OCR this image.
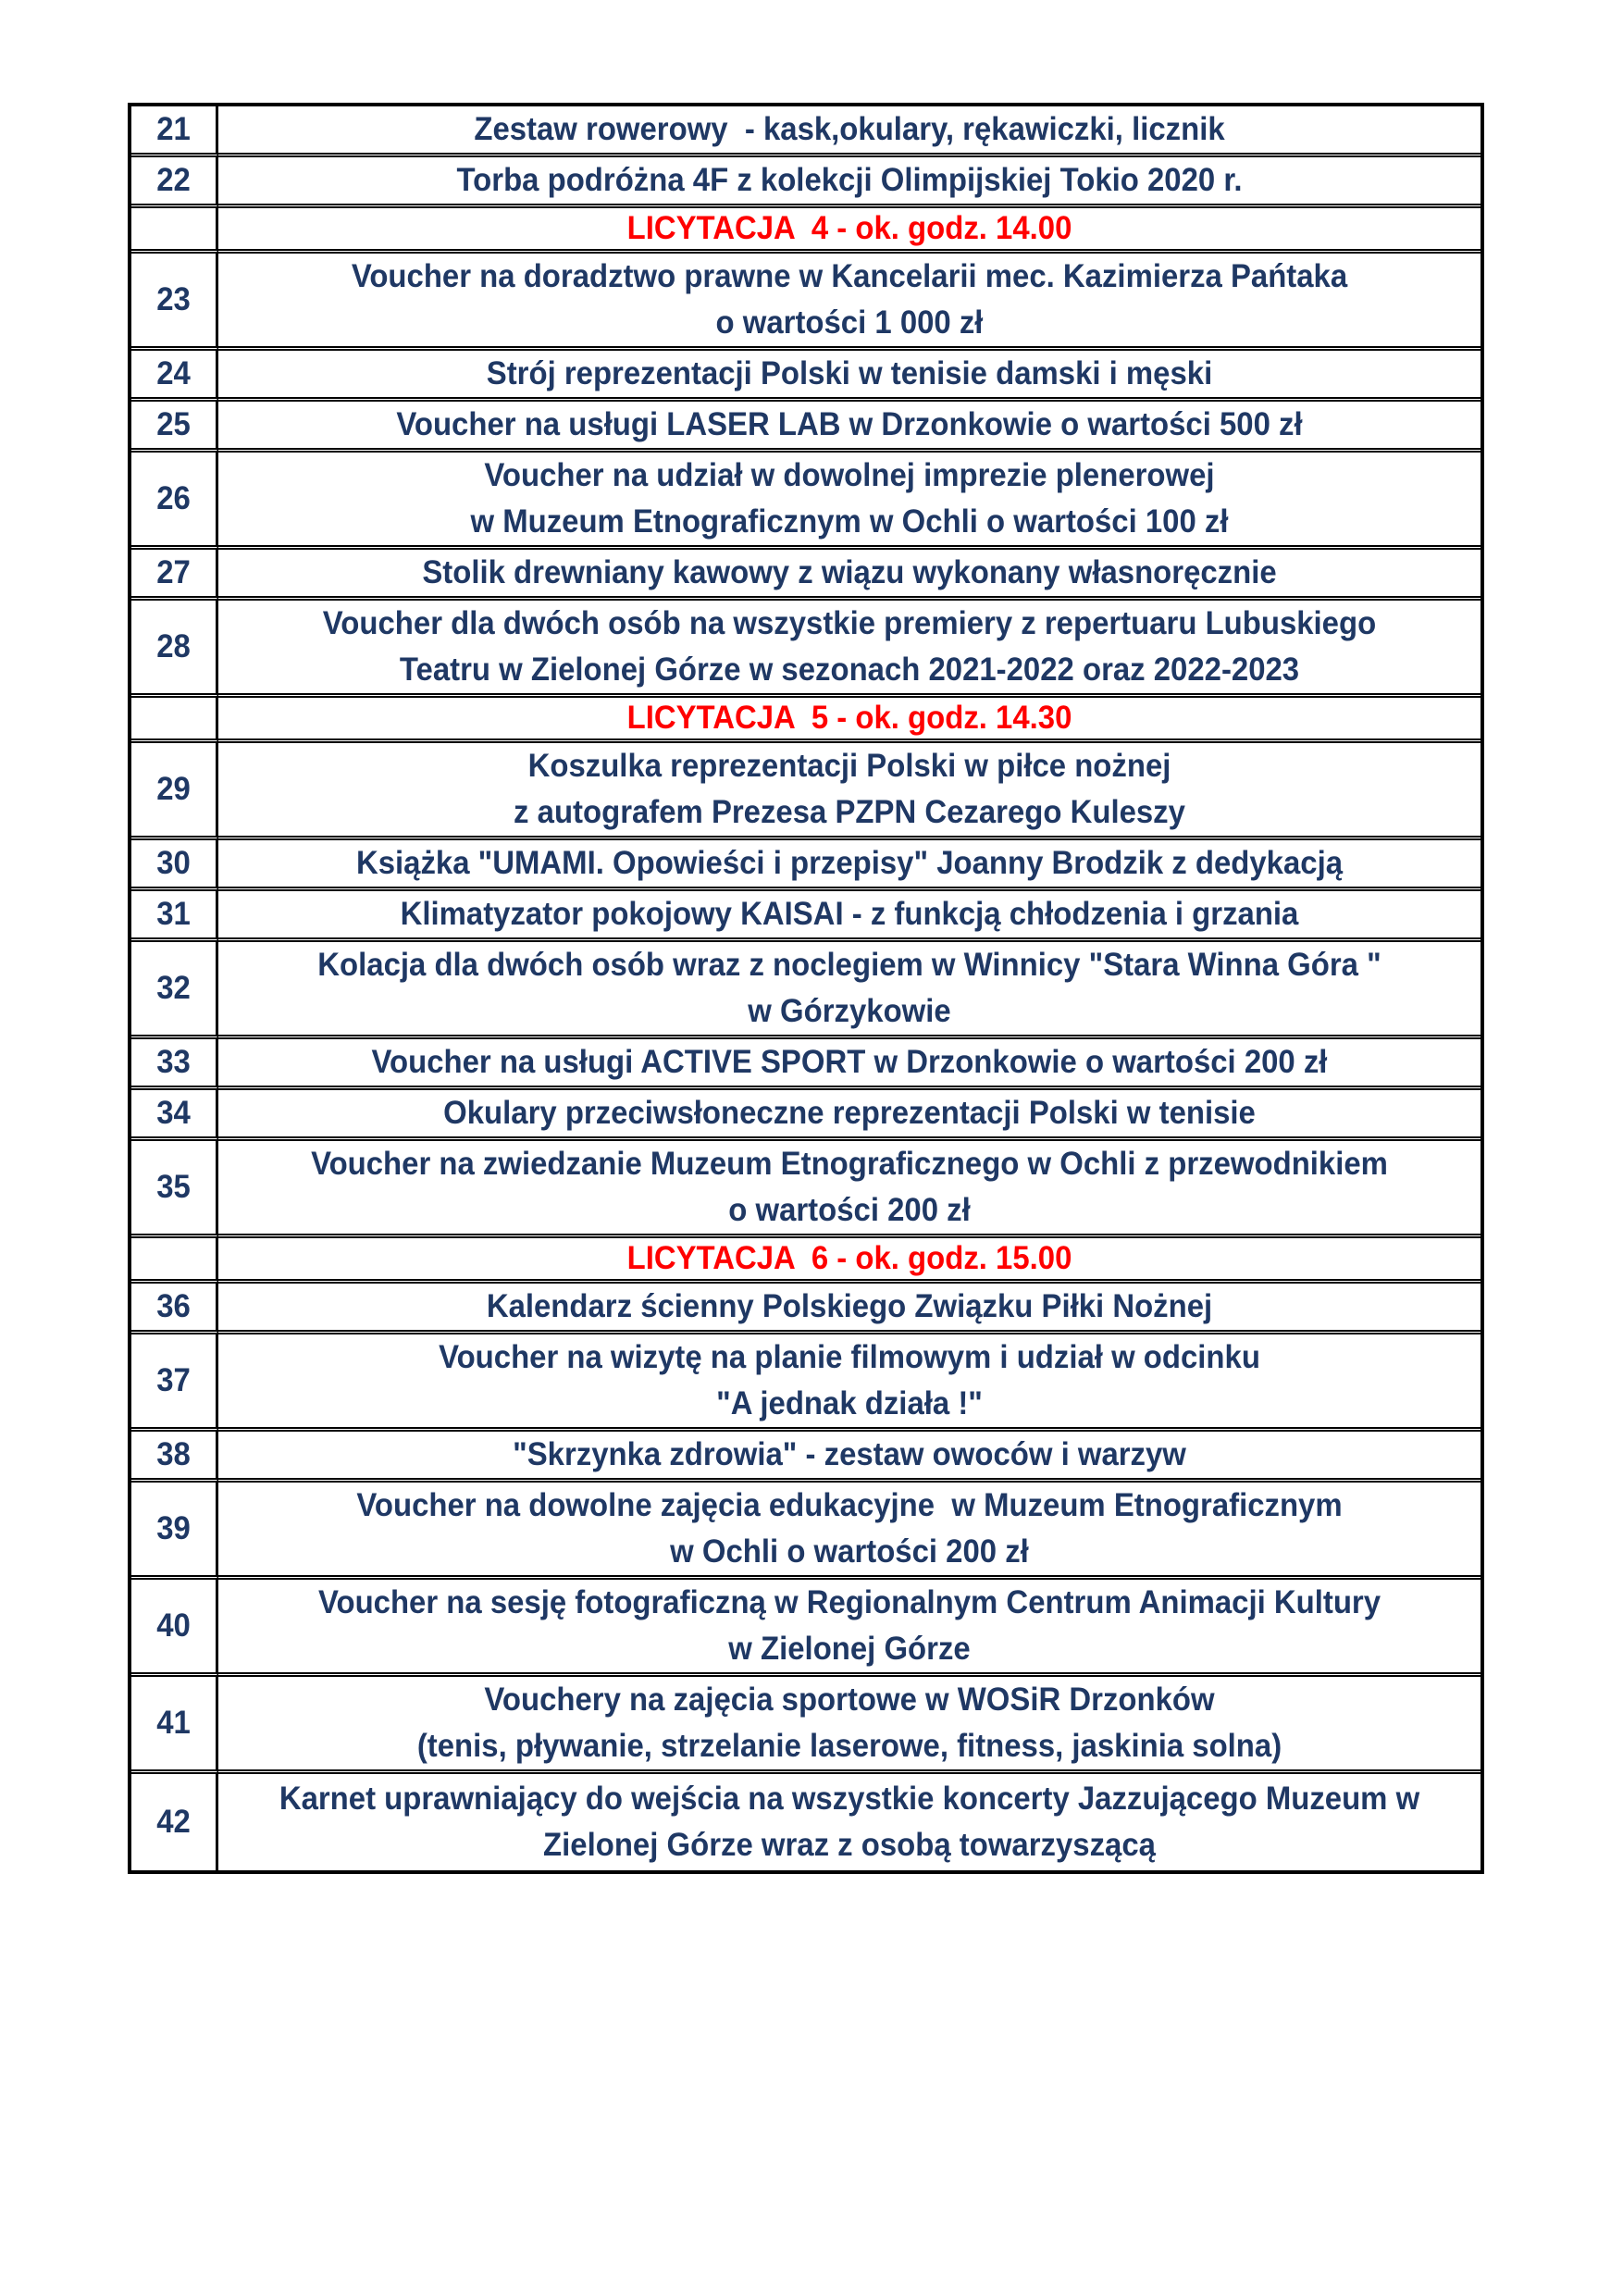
21	Zestaw rowerowy  - kask,okulary, rękawiczki, licznik

22	Torba podróżna 4F z kolekcji Olimpijskiej Tokio 2020 r.

	LICYTACJA  4 - ok. godz. 14.00

23	Voucher na doradztwo prawne w Kancelarii mec. Kazimierza Pańtaka
o wartości 1 000 zł

24	Strój reprezentacji Polski w tenisie damski i męski

25	Voucher na usługi LASER LAB w Drzonkowie o wartości 500 zł

26	Voucher na udział w dowolnej imprezie plenerowej
w Muzeum Etnograficznym w Ochli o wartości 100 zł

27	Stolik drewniany kawowy z wiązu wykonany własnoręcznie

28	Voucher dla dwóch osób na wszystkie premiery z repertuaru Lubuskiego
Teatru w Zielonej Górze w sezonach 2021-2022 oraz 2022-2023

	LICYTACJA  5 - ok. godz. 14.30

29	Koszulka reprezentacji Polski w piłce nożnej
z autografem Prezesa PZPN Cezarego Kuleszy

30	Książka "UMAMI. Opowieści i przepisy" Joanny Brodzik z dedykacją

31	Klimatyzator pokojowy KAISAI - z funkcją chłodzenia i grzania

32	Kolacja dla dwóch osób wraz z noclegiem w Winnicy "Stara Winna Góra "
w Górzykowie

33	Voucher na usługi ACTIVE SPORT w Drzonkowie o wartości 200 zł

34	Okulary przeciwsłoneczne reprezentacji Polski w tenisie

35	Voucher na zwiedzanie Muzeum Etnograficznego w Ochli z przewodnikiem
o wartości 200 zł

	LICYTACJA  6 - ok. godz. 15.00

36	Kalendarz ścienny Polskiego Związku Piłki Nożnej

37	Voucher na wizytę na planie filmowym i udział w odcinku
"A jednak działa !"

38	"Skrzynka zdrowia" - zestaw owoców i warzyw

39	Voucher na dowolne zajęcia edukacyjne  w Muzeum Etnograficznym
w Ochli o wartości 200 zł

40	Voucher na sesję fotograficzną w Regionalnym Centrum Animacji Kultury
w Zielonej Górze

41	Vouchery na zajęcia sportowe w WOSiR Drzonków
(tenis, pływanie, strzelanie laserowe, fitness, jaskinia solna)

42	Karnet uprawniający do wejścia na wszystkie koncerty Jazzującego Muzeum w
Zielonej Górze wraz z osobą towarzyszącą
